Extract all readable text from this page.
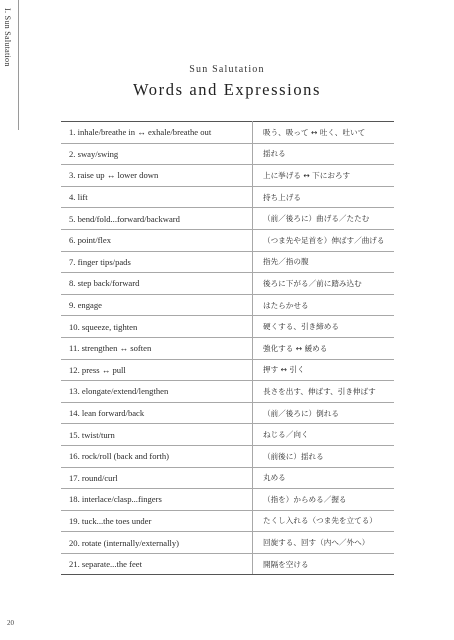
I. Sun Salutation
Sun Salutation
Words and Expressions
1. inhale/breathe in ↔ exhale/breathe out	吸う、吸って ↔ 吐く、吐いて
2. sway/swing	揺れる
3. raise up ↔ lower down	上に挙げる ↔ 下におろす
4. lift	持ち上げる
5. bend/fold...forward/backward	（前／後ろに）曲げる／たたむ
6. point/flex	（つま先や足首を）伸ばす／曲げる
7. finger tips/pads	指先／指の腹
8. step back/forward	後ろに下がる／前に踏み込む
9. engage	はたらかせる
10. squeeze, tighten	硬くする、引き締める
11. strengthen ↔ soften	強化する ↔ 緩める
12. press ↔ pull	押す ↔ 引く
13. elongate/extend/lengthen	長さを出す、伸ばす、引き伸ばす
14. lean forward/back	（前／後ろに）倒れる
15. twist/turn	ねじる／向く
16. rock/roll (back and forth)	（前後に）揺れる
17. round/curl	丸める
18. interlace/clasp...fingers	（指を）からめる／握る
19. tuck...the toes under	たくし入れる（つま先を立てる）
20. rotate (internally/externally)	回旋する、回す（内へ／外へ）
21. separate...the feet	開隔を空ける
20
